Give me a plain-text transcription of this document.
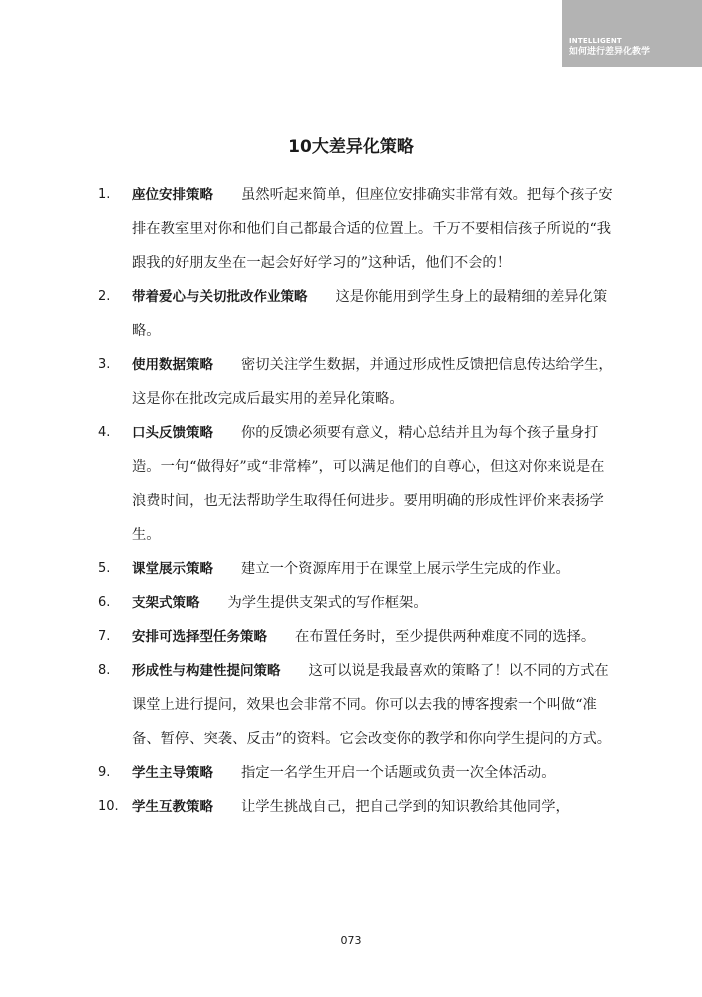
INTELLIGENT
如何进行差异化教学
10大差异化策略
1. 座位安排策略 虽然听起来简单，但座位安排确实非常有效。把每个孩子安排在教室里对你和他们自己都最合适的位置上。千万不要相信孩子所说的“我跟我的好朋友坐在一起会好好学习的”这种话，他们不会的！
2. 带着爱心与关切批改作业策略 这是你能用到学生身上的最精细的差异化策略。
3. 使用数据策略 密切关注学生数据，并通过形成性反馈把信息传达给学生，这是你在批改完成后最实用的差异化策略。
4. 口头反馈策略 你的反馈必须要有意义，精心总结并且为每个孩子量身打造。一句“做得好”或“非常棒”，可以满足他们的自尊心，但这对你来说是在浪费时间，也无法帮助学生取得任何进步。要用明确的形成性评价来表扬学生。
5. 课堂展示策略 建立一个资源库用于在课堂上展示学生完成的作业。
6. 支架式策略 为学生提供支架式的写作框架。
7. 安排可选择型任务策略 在布置任务时，至少提供两种难度不同的选择。
8. 形成性与构建性提问策略 这可以说是我最喜欢的策略了！以不同的方式在课堂上进行提问，效果也会非常不同。你可以去我的博客搜索一个叫做“准备、暂停、突袭、反击”的资料。它会改变你的教学和你向学生提问的方式。
9. 学生主导策略 指定一名学生开启一个话题或负责一次全体活动。
10. 学生互教策略 让学生挑战自己，把自己学到的知识教给其他同学，
073
